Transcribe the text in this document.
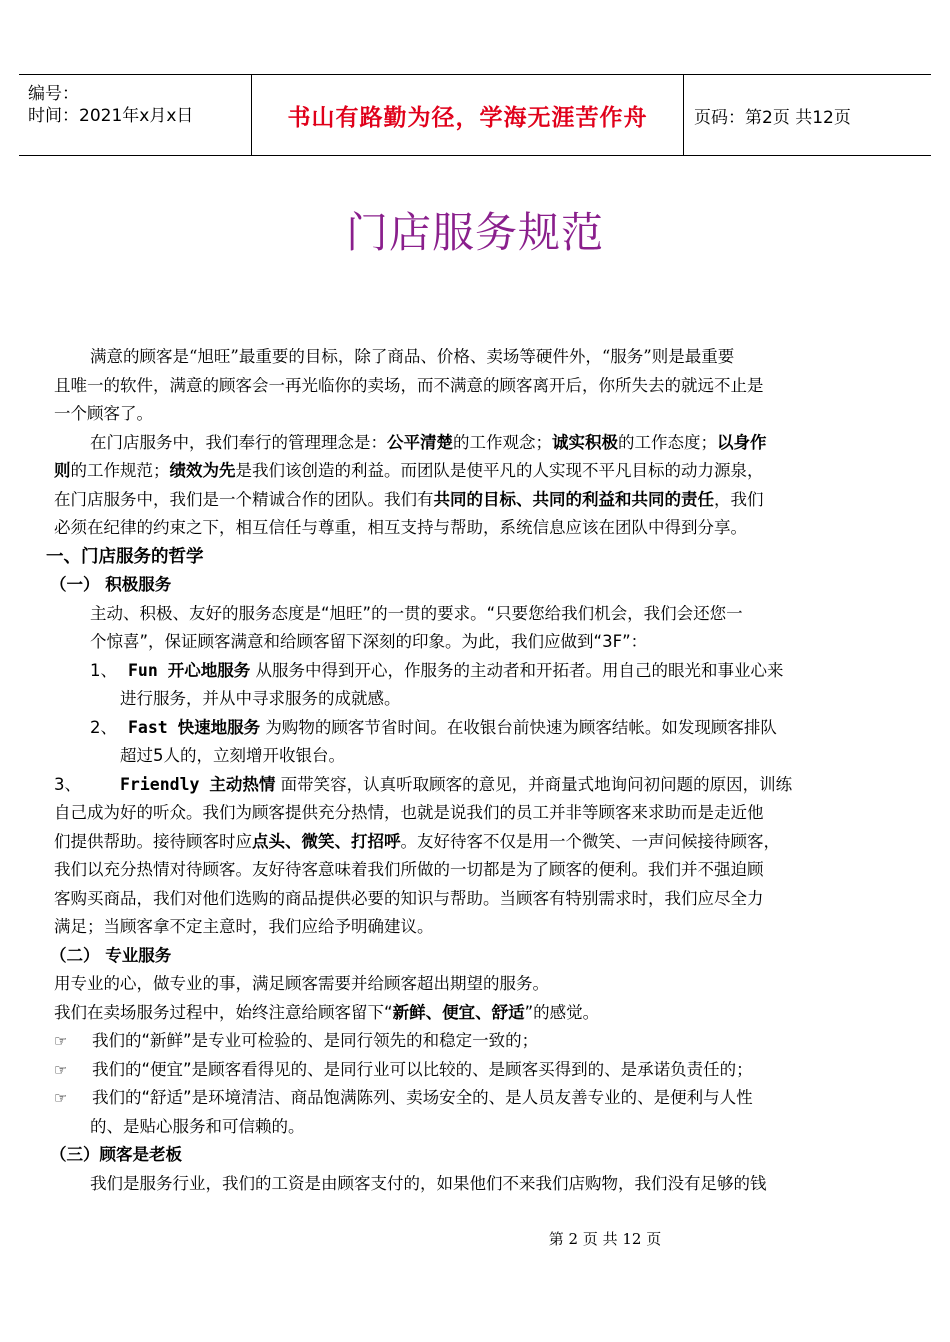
编号：
时间：2021年x月x日	书山有路勤为径，学海无涯苦作舟	页码：第2页 共12页
门店服务规范
满意的顾客是“旭旺”最重要的目标，除了商品、价格、卖场等硬件外，“服务”则是最重要
且唯一的软件，满意的顾客会一再光临你的卖场，而不满意的顾客离开后，你所失去的就远不止是
一个顾客了。
在门店服务中，我们奉行的管理理念是：公平清楚的工作观念；诚实积极的工作态度；以身作
则的工作规范；绩效为先是我们该创造的利益。而团队是使平凡的人实现不平凡目标的动力源泉，
在门店服务中，我们是一个精诚合作的团队。我们有共同的目标、共同的利益和共同的责任，我们
必须在纪律的约束之下，相互信任与尊重，相互支持与帮助，系统信息应该在团队中得到分享。
一、门店服务的哲学
（一） 积极服务
主动、积极、友好的服务态度是“旭旺”的一贯的要求。“只要您给我们机会，我们会还您一
个惊喜”，保证顾客满意和给顾客留下深刻的印象。为此，我们应做到“3F”：
1、 Fun 开心地服务 从服务中得到开心，作服务的主动者和开拓者。用自己的眼光和事业心来
进行服务，并从中寻求服务的成就感。
2、 Fast 快速地服务 为购物的顾客节省时间。在收银台前快速为顾客结帐。如发现顾客排队
超过5人的，立刻增开收银台。
3、 Friendly 主动热情 面带笑容，认真听取顾客的意见，并商量式地询问初问题的原因，训练
自己成为好的听众。我们为顾客提供充分热情，也就是说我们的员工并非等顾客来求助而是走近他
们提供帮助。接待顾客时应点头、微笑、打招呼。友好待客不仅是用一个微笑、一声问候接待顾客，
我们以充分热情对待顾客。友好待客意味着我们所做的一切都是为了顾客的便利。我们并不强迫顾
客购买商品，我们对他们选购的商品提供必要的知识与帮助。当顾客有特别需求时，我们应尽全力
满足；当顾客拿不定主意时，我们应给予明确建议。
（二） 专业服务
用专业的心，做专业的事，满足顾客需要并给顾客超出期望的服务。
我们在卖场服务过程中，始终注意给顾客留下“新鲜、便宜、舒适”的感觉。
☞ 我们的“新鲜”是专业可检验的、是同行领先的和稳定一致的；
☞ 我们的“便宜”是顾客看得见的、是同行业可以比较的、是顾客买得到的、是承诺负责任的；
☞ 我们的“舒适”是环境清洁、商品饱满陈列、卖场安全的、是人员友善专业的、是便利与人性
的、是贴心服务和可信赖的。
（三）顾客是老板
我们是服务行业，我们的工资是由顾客支付的，如果他们不来我们店购物，我们没有足够的钱
第 2 页 共 12 页
